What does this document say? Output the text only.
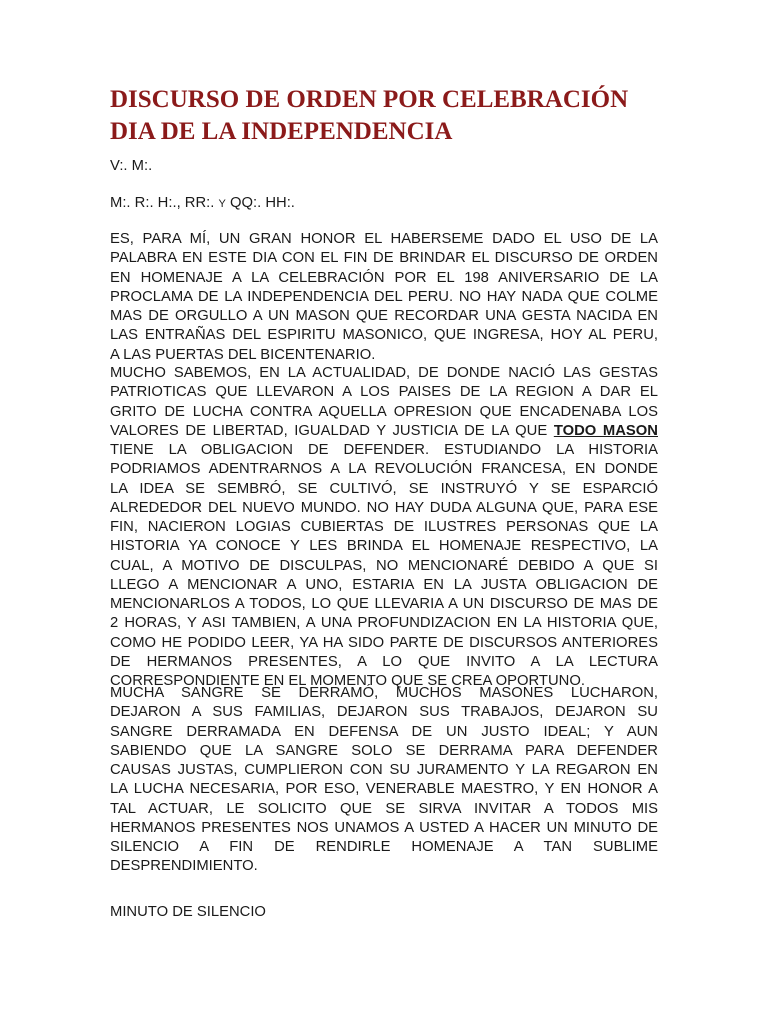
DISCURSO DE ORDEN POR CELEBRACIÓN
DIA DE LA INDEPENDENCIA

V:. M:.

M:. R:. H:., RR:. Y QQ:. HH:.

ES, PARA MÍ, UN GRAN HONOR EL HABERSEME DADO EL USO DE LA
PALABRA EN ESTE DIA CON EL FIN DE BRINDAR EL DISCURSO DE ORDEN
EN HOMENAJE A LA CELEBRACIÓN POR EL 198 ANIVERSARIO DE LA
PROCLAMA DE LA INDEPENDENCIA DEL PERU. NO HAY NADA QUE COLME
MAS DE ORGULLO A UN MASON QUE RECORDAR UNA GESTA NACIDA EN
LAS ENTRAÑAS DEL ESPIRITU MASONICO, QUE INGRESA, HOY AL PERU,
A LAS PUERTAS DEL BICENTENARIO.
MUCHO SABEMOS, EN LA ACTUALIDAD, DE DONDE NACIÓ LAS GESTAS
PATRIOTICAS QUE LLEVARON A LOS PAISES DE LA REGION A DAR EL
GRITO DE LUCHA CONTRA AQUELLA OPRESION QUE ENCADENABA LOS
VALORES DE LIBERTAD, IGUALDAD Y JUSTICIA DE LA QUE TODO MASON
TIENE LA OBLIGACION DE DEFENDER. ESTUDIANDO LA HISTORIA
PODRIAMOS ADENTRARNOS A LA REVOLUCIÓN FRANCESA, EN DONDE
LA IDEA SE SEMBRÓ, SE CULTIVÓ, SE INSTRUYÓ Y SE ESPARCIÓ
ALREDEDOR DEL NUEVO MUNDO. NO HAY DUDA ALGUNA QUE, PARA ESE
FIN, NACIERON LOGIAS CUBIERTAS DE ILUSTRES PERSONAS QUE LA
HISTORIA YA CONOCE Y LES BRINDA EL HOMENAJE RESPECTIVO, LA
CUAL, A MOTIVO DE DISCULPAS, NO MENCIONARÉ DEBIDO A QUE SI
LLEGO A MENCIONAR A UNO, ESTARIA EN LA JUSTA OBLIGACION DE
MENCIONARLOS A TODOS, LO QUE LLEVARIA A UN DISCURSO DE MAS DE
2 HORAS, Y ASI TAMBIEN, A UNA PROFUNDIZACION EN LA HISTORIA QUE,
COMO HE PODIDO LEER, YA HA SIDO PARTE DE DISCURSOS ANTERIORES
DE HERMANOS PRESENTES, A LO QUE INVITO A LA LECTURA
CORRESPONDIENTE EN EL MOMENTO QUE SE CREA OPORTUNO.
MUCHA SANGRE SE DERRAMÓ, MUCHOS MASONES LUCHARON,
DEJARON A SUS FAMILIAS, DEJARON SUS TRABAJOS, DEJARON SU
SANGRE DERRAMADA EN DEFENSA DE UN JUSTO IDEAL; Y AUN
SABIENDO QUE LA SANGRE SOLO SE DERRAMA PARA DEFENDER
CAUSAS JUSTAS, CUMPLIERON CON SU JURAMENTO Y LA REGARON EN
LA LUCHA NECESARIA, POR ESO, VENERABLE MAESTRO, Y EN HONOR A
TAL ACTUAR, LE SOLICITO QUE SE SIRVA INVITAR A TODOS MIS
HERMANOS PRESENTES NOS UNAMOS A USTED A HACER UN MINUTO DE
SILENCIO A FIN DE RENDIRLE HOMENAJE A TAN SUBLIME
DESPRENDIMIENTO.

MINUTO DE SILENCIO
